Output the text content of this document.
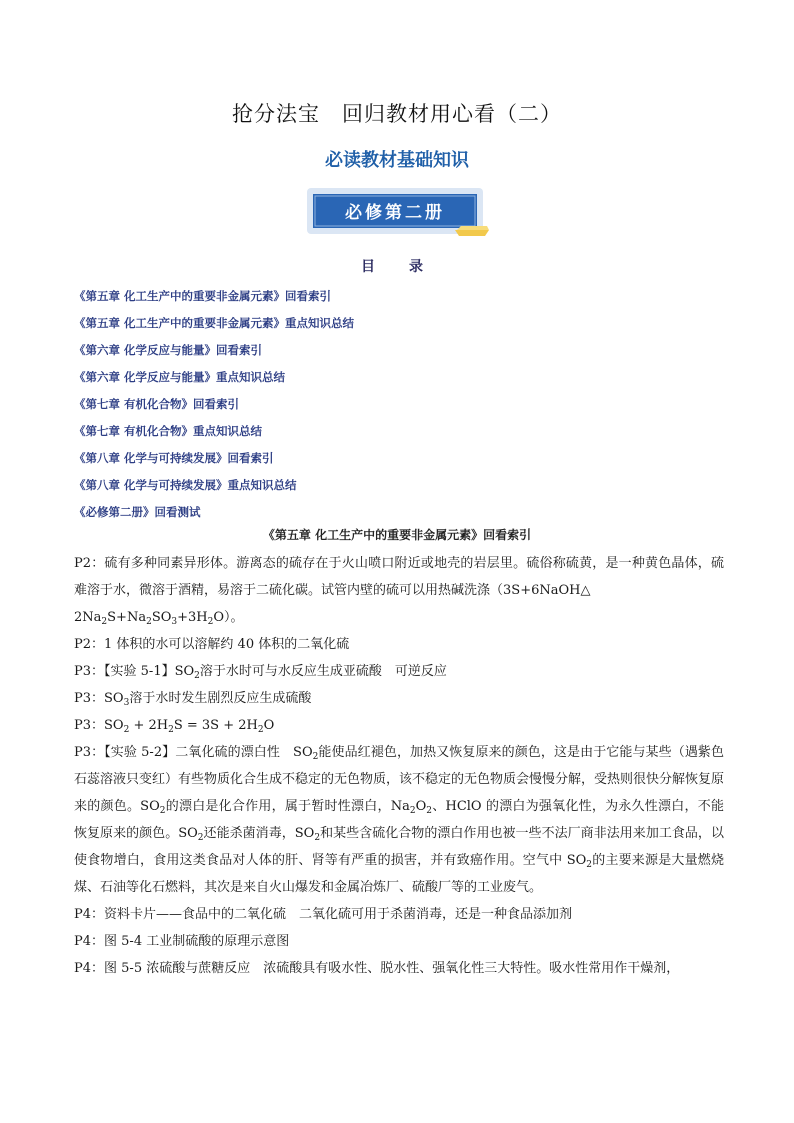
抢分法宝　回归教材用心看（二）
必读教材基础知识
必修第二册
目　录
《第五章 化工生产中的重要非金属元素》回看索引
《第五章 化工生产中的重要非金属元素》重点知识总结
《第六章 化学反应与能量》回看索引
《第六章 化学反应与能量》重点知识总结
《第七章 有机化合物》回看索引
《第七章 有机化合物》重点知识总结
《第八章 化学与可持续发展》回看索引
《第八章 化学与可持续发展》重点知识总结
《必修第二册》回看测试
《第五章 化工生产中的重要非金属元素》回看索引

P2：硫有多种同素异形体。游离态的硫存在于火山喷口附近或地壳的岩层里。硫俗称硫黄，是一种黄色晶体，硫难溶于水，微溶于酒精，易溶于二硫化碳。试管内壁的硫可以用热碱洗涤（3S+6NaOH△
$2Na_2S+Na_2SO_3+3H_2O$）。

P2：1 体积的水可以溶解约 40 体积的二氧化硫

P3：【实验 5-1】$SO_2$溶于水时可与水反应生成亚硫酸　可逆反应

P3：$SO_3$溶于水时发生剧烈反应生成硫酸

P3：$SO_2 + 2H_2S = 3S + 2H_2O$

P3：【实验 5-2】二氧化硫的漂白性　$SO_2$能使品红褪色，加热又恢复原来的颜色，这是由于它能与某些（遇紫色石蕊溶液只变红）有些物质化合生成不稳定的无色物质，该不稳定的无色物质会慢慢分解，受热则很快分解恢复原来的颜色。$SO_2$的漂白是化合作用，属于暂时性漂白，$Na_2O_2$、HClO 的漂白为强氧化性，为永久性漂白，不能恢复原来的颜色。$SO_2$还能杀菌消毒，$SO_2$和某些含硫化合物的漂白作用也被一些不法厂商非法用来加工食品，以使食物增白，食用这类食品对人体的肝、肾等有严重的损害，并有致癌作用。空气中 $SO_2$的主要来源是大量燃烧煤、石油等化石燃料，其次是来自火山爆发和金属冶炼厂、硫酸厂等的工业废气。

P4：资料卡片——食品中的二氧化硫　二氧化硫可用于杀菌消毒，还是一种食品添加剂

P4：图 5-4 工业制硫酸的原理示意图

P4：图 5-5 浓硫酸与蔗糖反应　浓硫酸具有吸水性、脱水性、强氧化性三大特性。吸水性常用作干燥剂，
